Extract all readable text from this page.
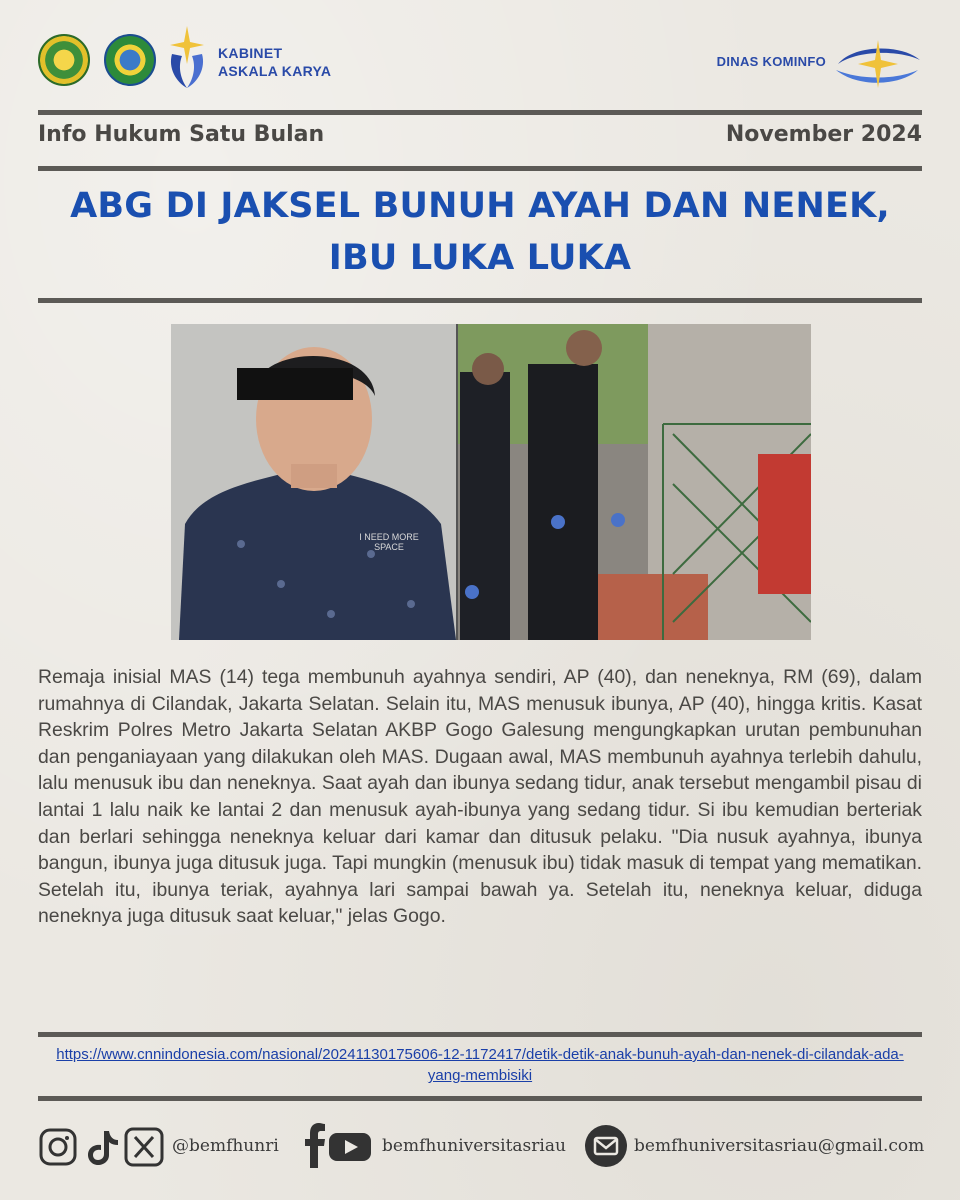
KABINET
ASKALA KARYA
DINAS KOMINFO
Info Hukum Satu Bulan	November 2024
ABG DI JAKSEL BUNUH AYAH DAN NENEK, IBU LUKA LUKA
I NEED MORE SPACE

Remaja inisial MAS (14) tega membunuh ayahnya sendiri, AP (40), dan neneknya, RM (69), dalam rumahnya di Cilandak, Jakarta Selatan. Selain itu, MAS menusuk ibunya, AP (40), hingga kritis. Kasat Reskrim Polres Metro Jakarta Selatan AKBP Gogo Galesung mengungkapkan urutan pembunuhan dan penganiayaan yang dilakukan oleh MAS. Dugaan awal, MAS membunuh ayahnya terlebih dahulu, lalu menusuk ibu dan neneknya. Saat ayah dan ibunya sedang tidur, anak tersebut mengambil pisau di lantai 1 lalu naik ke lantai 2 dan menusuk ayah-ibunya yang sedang tidur. Si ibu kemudian berteriak dan berlari sehingga neneknya keluar dari kamar dan ditusuk pelaku. "Dia nusuk ayahnya, ibunya bangun, ibunya juga ditusuk juga. Tapi mungkin (menusuk ibu) tidak masuk di tempat yang mematikan. Setelah itu, ibunya teriak, ayahnya lari sampai bawah ya. Setelah itu, neneknya keluar, diduga neneknya juga ditusuk saat keluar," jelas Gogo.

https://www.cnnindonesia.com/nasional/20241130175606-12-1172417/detik-detik-anak-bunuh-ayah-dan-nenek-di-cilandak-ada-yang-membisiki
@bemfhunri	bemfhuniversitasriau	bemfhuniversitasriau@gmail.com
